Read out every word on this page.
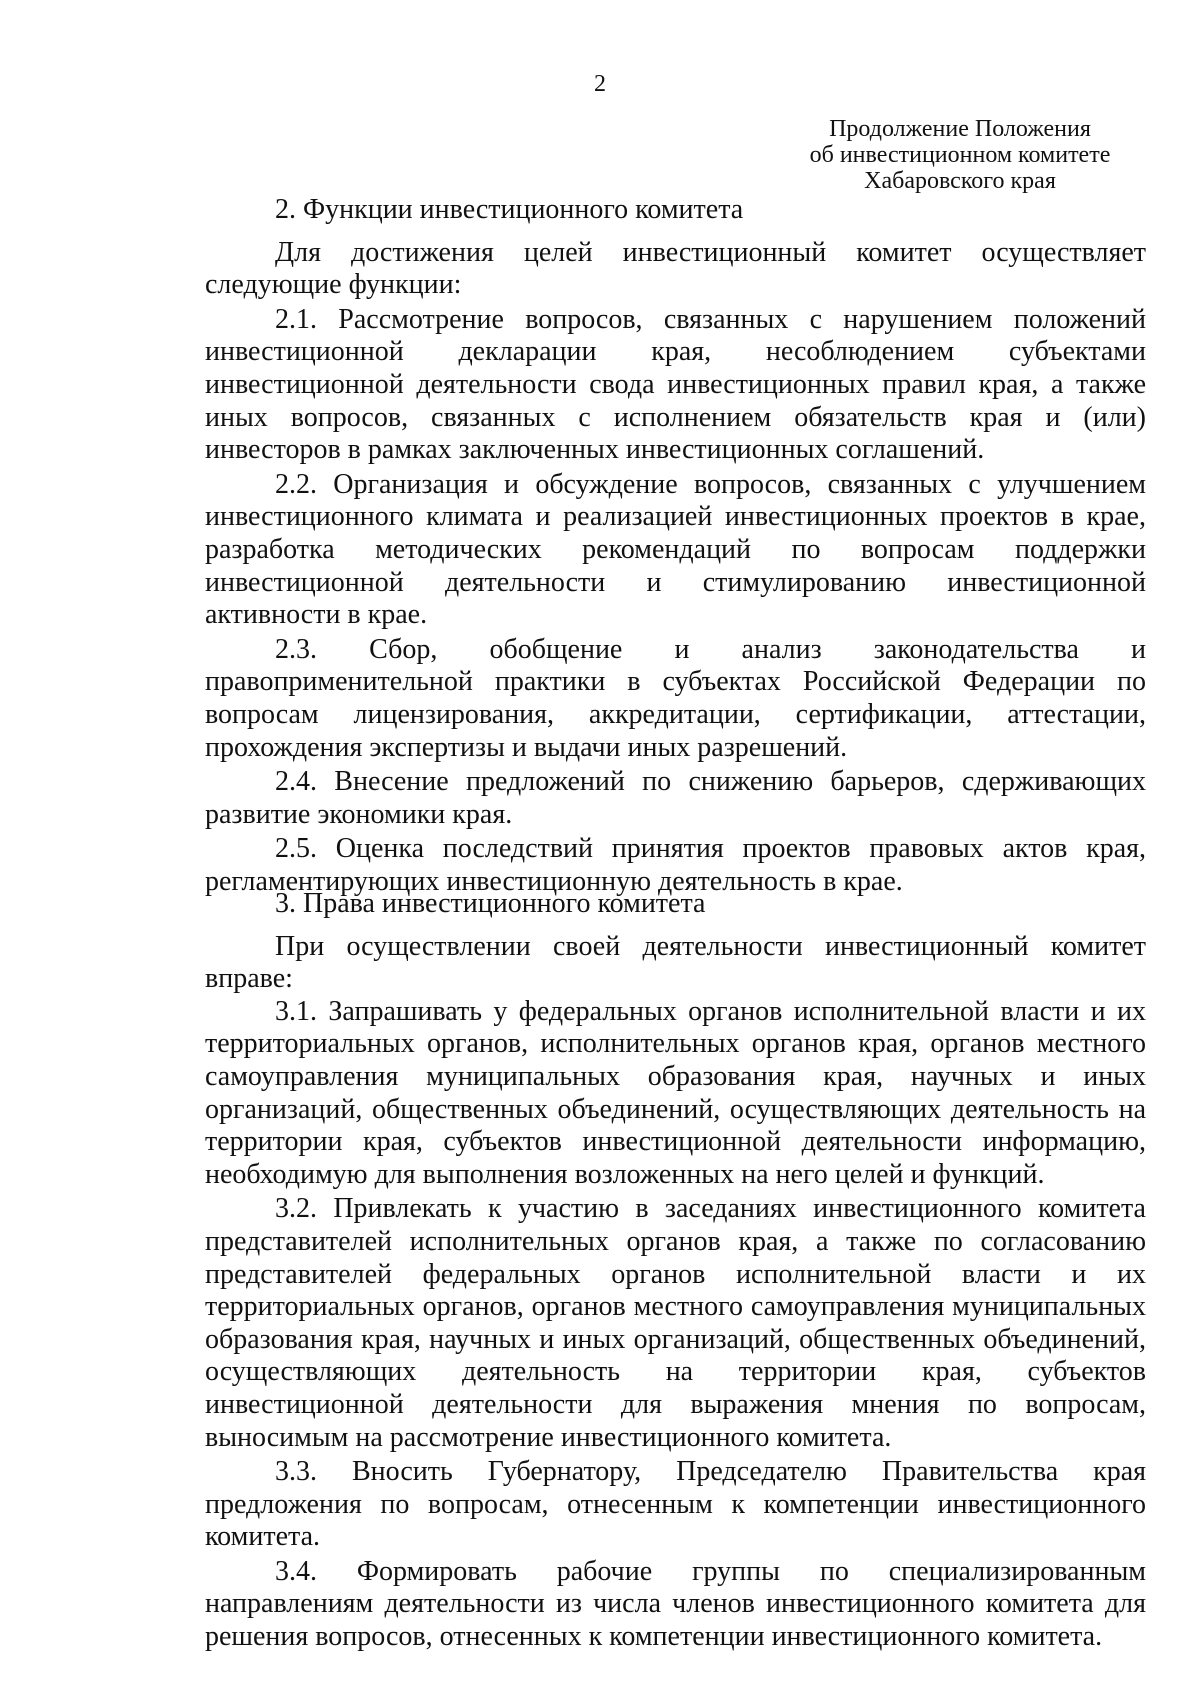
2
Продолжение Положения
об инвестиционном комитете
Хабаровского края
2. Функции инвестиционного комитета
Для достижения целей инвестиционный комитет осуществляет следующие функции:
2.1. Рассмотрение вопросов, связанных с нарушением положений инвестиционной декларации края, несоблюдением субъектами инвестиционной деятельности свода инвестиционных правил края, а также иных вопросов, связанных с исполнением обязательств края и (или) инвесторов в рамках заключенных инвестиционных соглашений.
2.2. Организация и обсуждение вопросов, связанных с улучшением инвестиционного климата и реализацией инвестиционных проектов в крае, разработка методических рекомендаций по вопросам поддержки инвестиционной деятельности и стимулированию инвестиционной активности в крае.
2.3. Сбор, обобщение и анализ законодательства и правоприменительной практики в субъектах Российской Федерации по вопросам лицензирования, аккредитации, сертификации, аттестации, прохождения экспертизы и выдачи иных разрешений.
2.4. Внесение предложений по снижению барьеров, сдерживающих развитие экономики края.
2.5. Оценка последствий принятия проектов правовых актов края, регламентирующих инвестиционную деятельность в крае.
3. Права инвестиционного комитета
При осуществлении своей деятельности инвестиционный комитет вправе:
3.1. Запрашивать у федеральных органов исполнительной власти и их территориальных органов, исполнительных органов края, органов местного самоуправления муниципальных образования края, научных и иных организаций, общественных объединений, осуществляющих деятельность на территории края, субъектов инвестиционной деятельности информацию, необходимую для выполнения возложенных на него целей и функций.
3.2. Привлекать к участию в заседаниях инвестиционного комитета представителей исполнительных органов края, а также по согласованию представителей федеральных органов исполнительной власти и их территориальных органов, органов местного самоуправления муниципальных образования края, научных и иных организаций, общественных объединений, осуществляющих деятельность на территории края, субъектов инвестиционной деятельности для выражения мнения по вопросам, выносимым на рассмотрение инвестиционного комитета.
3.3. Вносить Губернатору, Председателю Правительства края предложения по вопросам, отнесенным к компетенции инвестиционного комитета.
3.4. Формировать рабочие группы по специализированным направлениям деятельности из числа членов инвестиционного комитета для решения вопросов, отнесенных к компетенции инвестиционного комитета.
